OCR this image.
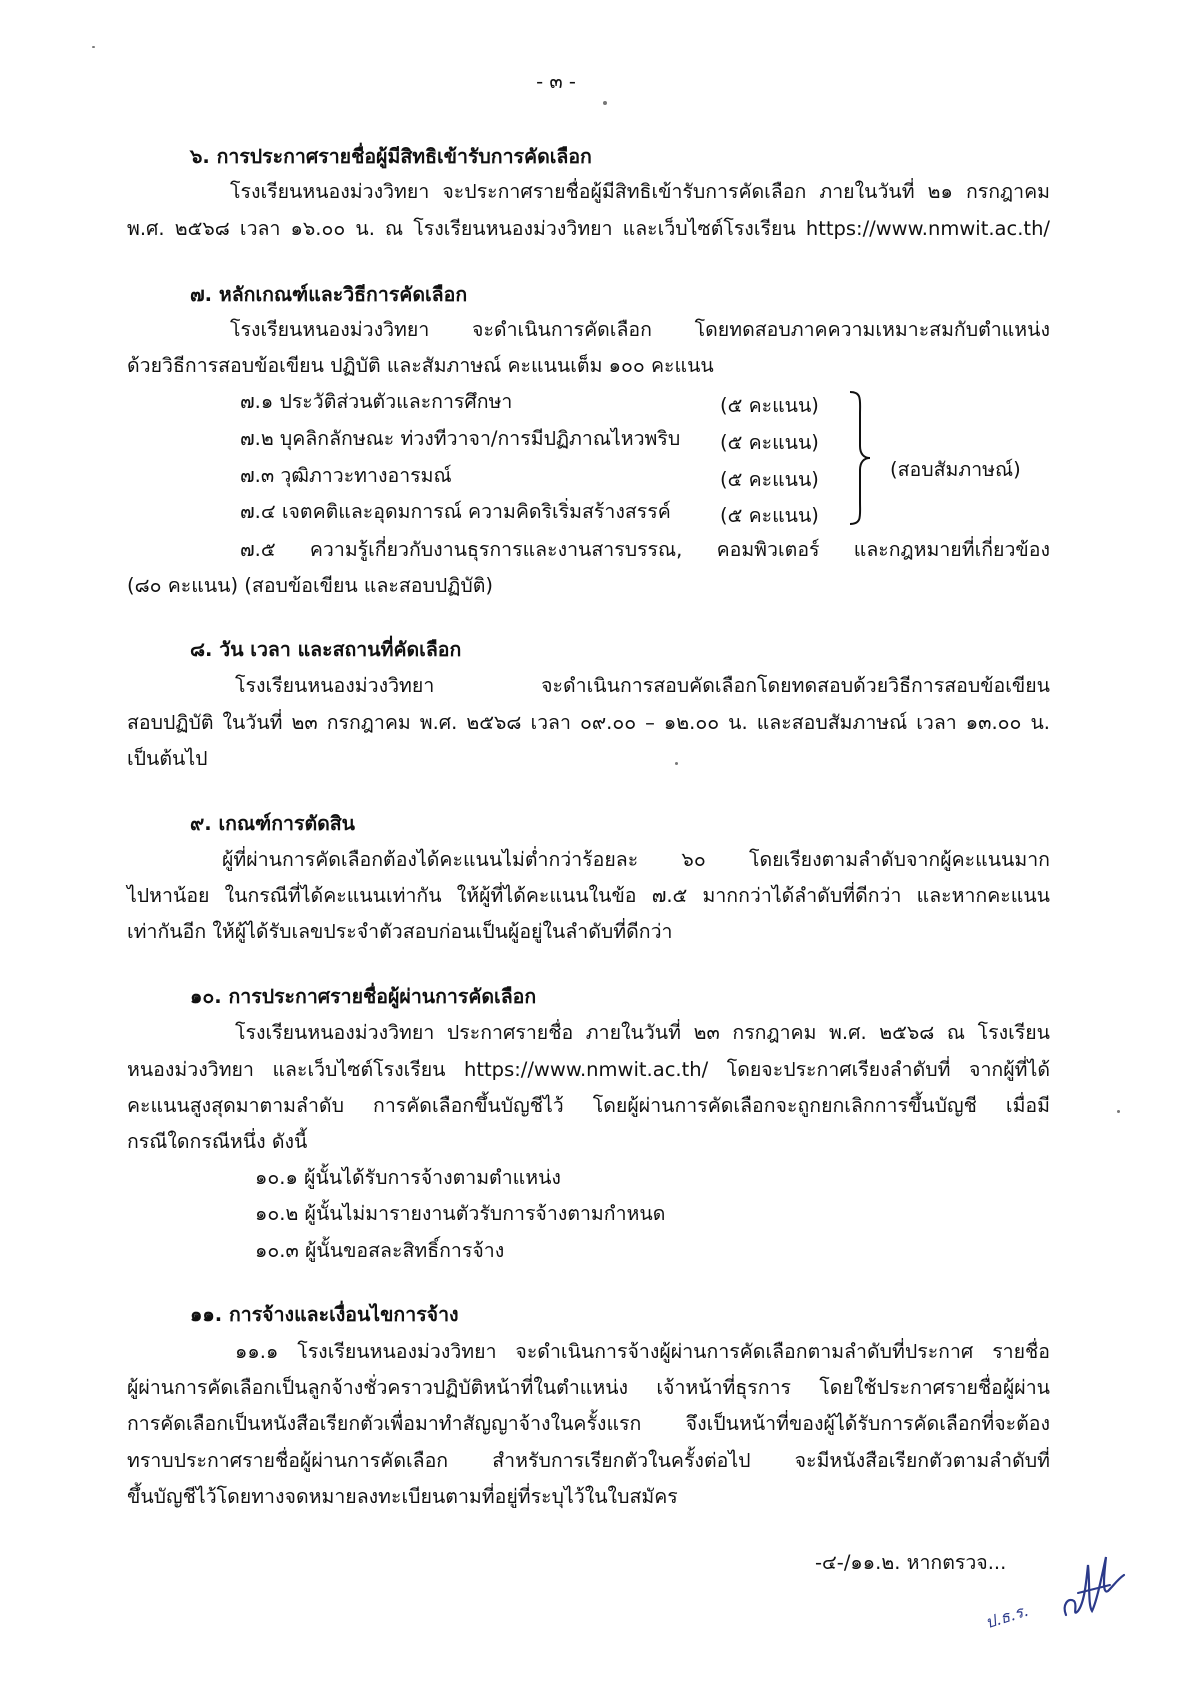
- ๓ -
๖. การประกาศรายชื่อผู้มีสิทธิเข้ารับการคัดเลือก
โรงเรียนหนองม่วงวิทยา จะประกาศรายชื่อผู้มีสิทธิเข้ารับการคัดเลือก ภายในวันที่ ๒๑ กรกฎาคม
พ.ศ. ๒๕๖๘ เวลา ๑๖.๐๐ น. ณ โรงเรียนหนองม่วงวิทยา และเว็บไซต์โรงเรียน https://www.nmwit.ac.th/
๗. หลักเกณฑ์และวิธีการคัดเลือก
โรงเรียนหนองม่วงวิทยา จะดำเนินการคัดเลือก โดยทดสอบภาคความเหมาะสมกับตำแหน่ง
ด้วยวิธีการสอบข้อเขียน ปฏิบัติ และสัมภาษณ์ คะแนนเต็ม ๑๐๐ คะแนน
๗.๑ ประวัติส่วนตัวและการศึกษา	(๕ คะแนน)
๗.๒ บุคลิกลักษณะ ท่วงทีวาจา/การมีปฏิภาณไหวพริบ (๕ คะแนน)
๗.๓ วุฒิภาวะทางอารมณ์	(๕ คะแนน)
๗.๔ เจตคติและอุดมการณ์ ความคิดริเริ่มสร้างสรรค์	(๕ คะแนน)
(สอบสัมภาษณ์)
๗.๕ ความรู้เกี่ยวกับงานธุรการและงานสารบรรณ, คอมพิวเตอร์ และกฎหมายที่เกี่ยวข้อง
(๘๐ คะแนน) (สอบข้อเขียน และสอบปฏิบัติ)
๘. วัน เวลา และสถานที่คัดเลือก
โรงเรียนหนองม่วงวิทยา จะดำเนินการสอบคัดเลือกโดยทดสอบด้วยวิธีการสอบข้อเขียน
สอบปฏิบัติ ในวันที่ ๒๓ กรกฎาคม พ.ศ. ๒๕๖๘ เวลา ๐๙.๐๐ – ๑๒.๐๐ น. และสอบสัมภาษณ์ เวลา ๑๓.๐๐ น.
เป็นต้นไป
๙. เกณฑ์การตัดสิน
ผู้ที่ผ่านการคัดเลือกต้องได้คะแนนไม่ต่ำกว่าร้อยละ ๖๐ โดยเรียงตามลำดับจากผู้คะแนนมาก
ไปหาน้อย ในกรณีที่ได้คะแนนเท่ากัน ให้ผู้ที่ได้คะแนนในข้อ ๗.๕ มากกว่าได้ลำดับที่ดีกว่า และหากคะแนน
เท่ากันอีก ให้ผู้ได้รับเลขประจำตัวสอบก่อนเป็นผู้อยู่ในลำดับที่ดีกว่า
๑๐. การประกาศรายชื่อผู้ผ่านการคัดเลือก
โรงเรียนหนองม่วงวิทยา ประกาศรายชื่อ ภายในวันที่ ๒๓ กรกฎาคม พ.ศ. ๒๕๖๘ ณ โรงเรียน
หนองม่วงวิทยา และเว็บไซต์โรงเรียน https://www.nmwit.ac.th/ โดยจะประกาศเรียงลำดับที่ จากผู้ที่ได้
คะแนนสูงสุดมาตามลำดับ การคัดเลือกขึ้นบัญชีไว้ โดยผู้ผ่านการคัดเลือกจะถูกยกเลิกการขึ้นบัญชี เมื่อมี
กรณีใดกรณีหนึ่ง ดังนี้
๑๐.๑ ผู้นั้นได้รับการจ้างตามตำแหน่ง
๑๐.๒ ผู้นั้นไม่มารายงานตัวรับการจ้างตามกำหนด
๑๐.๓ ผู้นั้นขอสละสิทธิ์การจ้าง
๑๑. การจ้างและเงื่อนไขการจ้าง
๑๑.๑ โรงเรียนหนองม่วงวิทยา จะดำเนินการจ้างผู้ผ่านการคัดเลือกตามลำดับที่ประกาศ รายชื่อ
ผู้ผ่านการคัดเลือกเป็นลูกจ้างชั่วคราวปฏิบัติหน้าที่ในตำแหน่ง เจ้าหน้าที่ธุรการ โดยใช้ประกาศรายชื่อผู้ผ่าน
การคัดเลือกเป็นหนังสือเรียกตัวเพื่อมาทำสัญญาจ้างในครั้งแรก จึงเป็นหน้าที่ของผู้ได้รับการคัดเลือกที่จะต้อง
ทราบประกาศรายชื่อผู้ผ่านการคัดเลือก สำหรับการเรียกตัวในครั้งต่อไป จะมีหนังสือเรียกตัวตามลำดับที่
ขึ้นบัญชีไว้โดยทางจดหมายลงทะเบียนตามที่อยู่ที่ระบุไว้ในใบสมัคร
-๔-/๑๑.๒. หากตรวจ...
ป.ธ.ร.
